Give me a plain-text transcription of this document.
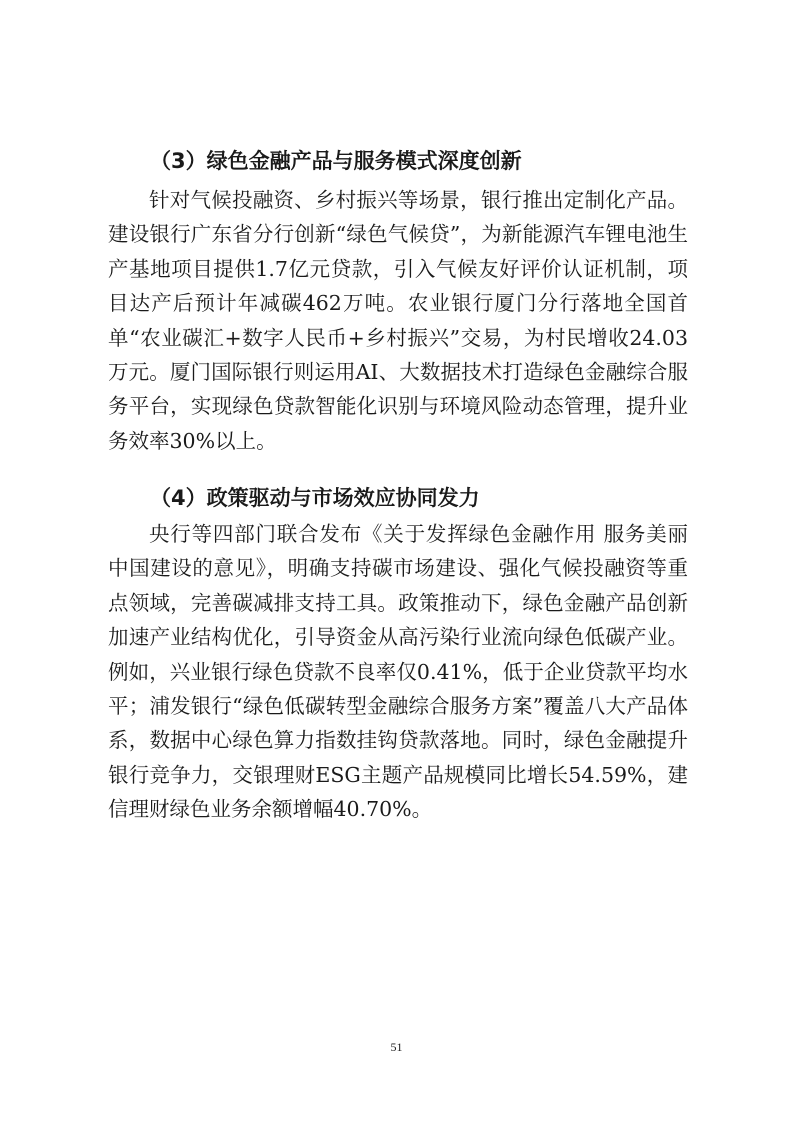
（3）绿色金融产品与服务模式深度创新

针对气候投融资、乡村振兴等场景，银行推出定制化产品。建设银行广东省分行创新“绿色气候贷”，为新能源汽车锂电池生产基地项目提供1.7亿元贷款，引入气候友好评价认证机制，项目达产后预计年减碳462万吨。农业银行厦门分行落地全国首单“农业碳汇+数字人民币+乡村振兴”交易，为村民增收24.03万元。厦门国际银行则运用AI、大数据技术打造绿色金融综合服务平台，实现绿色贷款智能化识别与环境风险动态管理，提升业务效率30%以上。

（4）政策驱动与市场效应协同发力

央行等四部门联合发布《关于发挥绿色金融作用 服务美丽中国建设的意见》，明确支持碳市场建设、强化气候投融资等重点领域，完善碳减排支持工具。政策推动下，绿色金融产品创新加速产业结构优化，引导资金从高污染行业流向绿色低碳产业。例如，兴业银行绿色贷款不良率仅0.41%，低于企业贷款平均水平；浦发银行“绿色低碳转型金融综合服务方案”覆盖八大产品体系，数据中心绿色算力指数挂钩贷款落地。同时，绿色金融提升银行竞争力，交银理财ESG主题产品规模同比增长54.59%，建信理财绿色业务余额增幅40.70%。

51
